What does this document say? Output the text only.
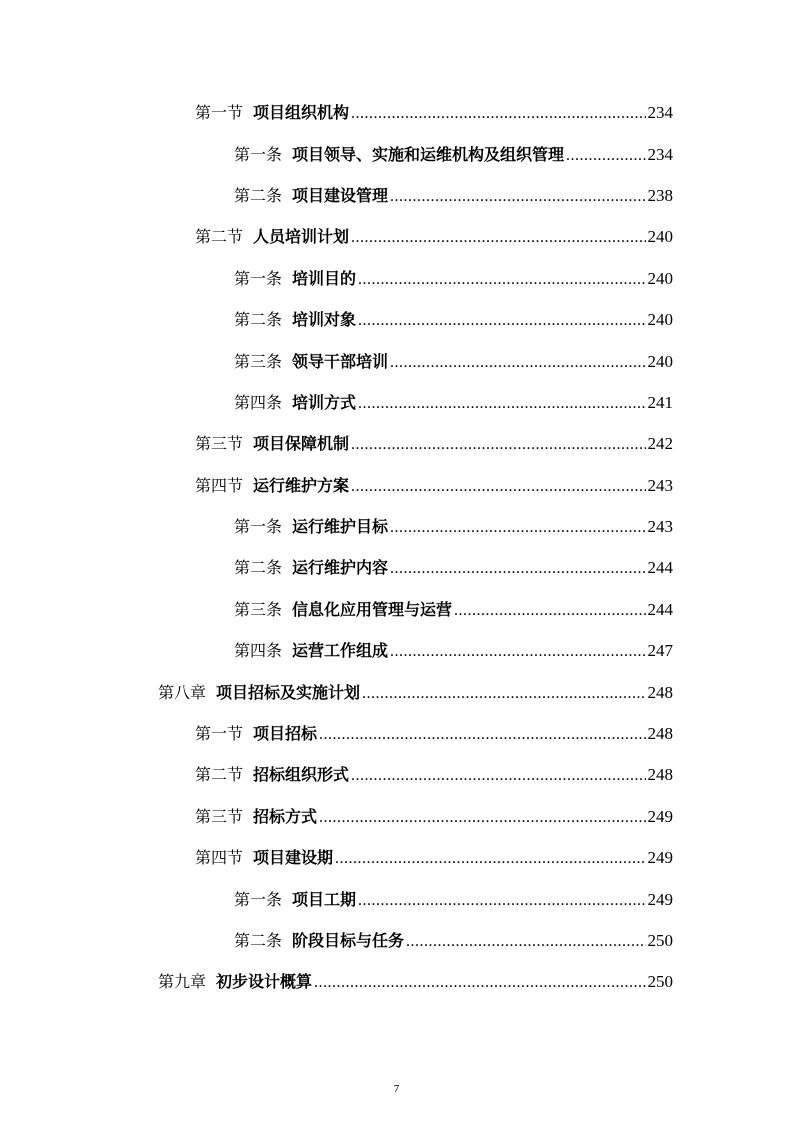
第一节 项目组织机构 .....	234
第一条 项目领导、实施和运维机构及组织管理 .....	234
第二条 项目建设管理 .....	238
第二节 人员培训计划 .....	240
第一条 培训目的 .....	240
第二条 培训对象 .....	240
第三条 领导干部培训 .....	240
第四条 培训方式 .....	241
第三节 项目保障机制 .....	242
第四节 运行维护方案 .....	243
第一条 运行维护目标 .....	243
第二条 运行维护内容 .....	244
第三条 信息化应用管理与运营 .....	244
第四条 运营工作组成 .....	247
第八章 项目招标及实施计划 .....	248
第一节 项目招标 .....	248
第二节 招标组织形式 .....	248
第三节 招标方式 .....	249
第四节 项目建设期 .....	249
第一条 项目工期 .....	249
第二条 阶段目标与任务 .....	250
第九章 初步设计概算 .....	250
7
